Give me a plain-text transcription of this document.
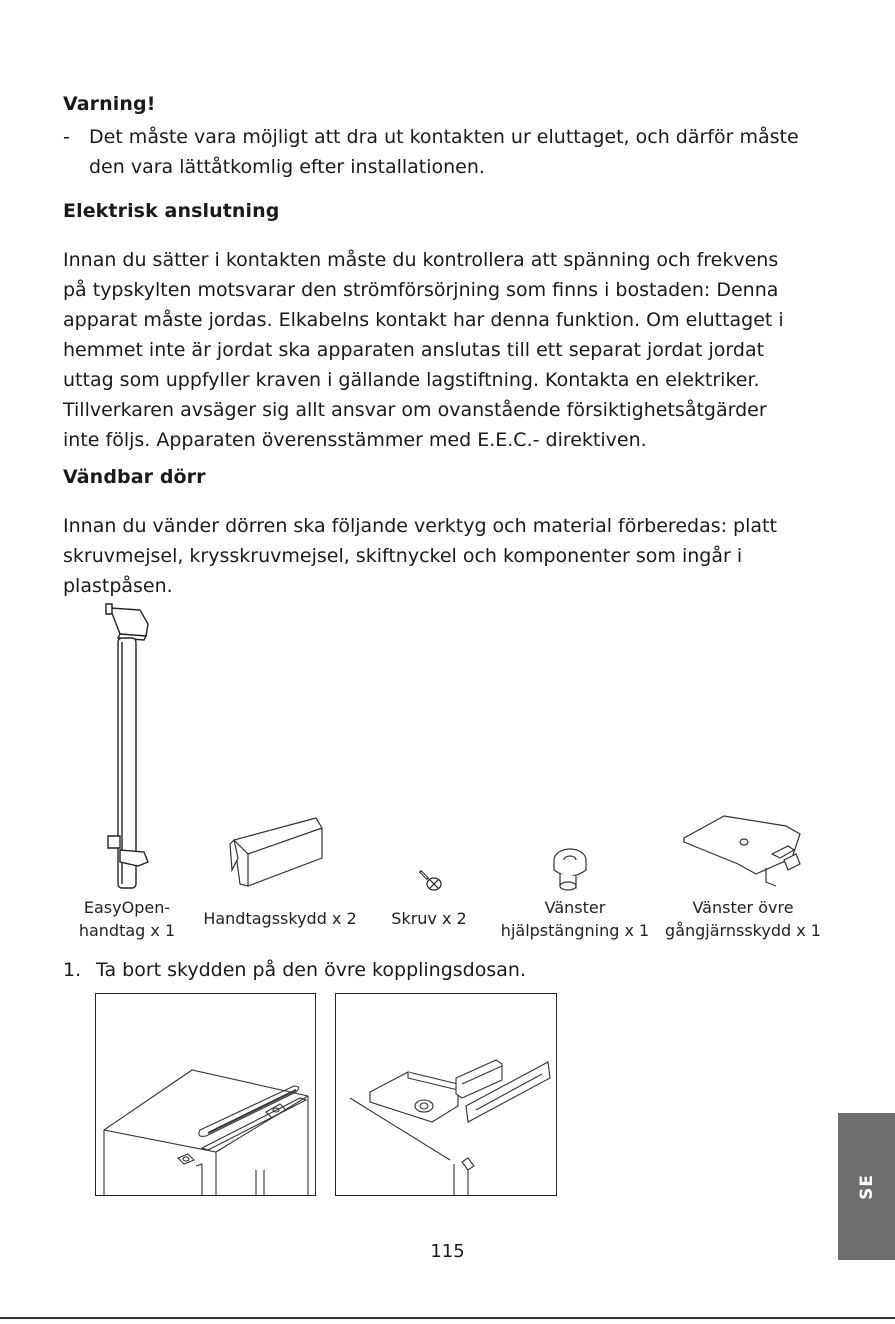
Varning!
- Det måste vara möjligt att dra ut kontakten ur eluttaget, och därför måste
den vara lättåtkomlig efter installationen.
Elektrisk anslutning
Innan du sätter i kontakten måste du kontrollera att spänning och frekvens
på typskylten motsvarar den strömförsörjning som finns i bostaden: Denna
apparat måste jordas. Elkabelns kontakt har denna funktion. Om eluttaget i
hemmet inte är jordat ska apparaten anslutas till ett separat jordat jordat
uttag som uppfyller kraven i gällande lagstiftning. Kontakta en elektriker.
Tillverkaren avsäger sig allt ansvar om ovanstående försiktighetsåtgärder
inte följs. Apparaten överensstämmer med E.E.C.- direktiven.
Vändbar dörr
Innan du vänder dörren ska följande verktyg och material förberedas: platt
skruvmejsel, krysskruvmejsel, skiftnyckel och komponenter som ingår i
plastpåsen.
EasyOpen-
handtag x 1
Handtagsskydd x 2	Skruv x 2
Vänster
hjälpstängning x 1
Vänster övre
gångjärnsskydd x 1
1. Ta bort skydden på den övre kopplingsdosan.
115
SE
